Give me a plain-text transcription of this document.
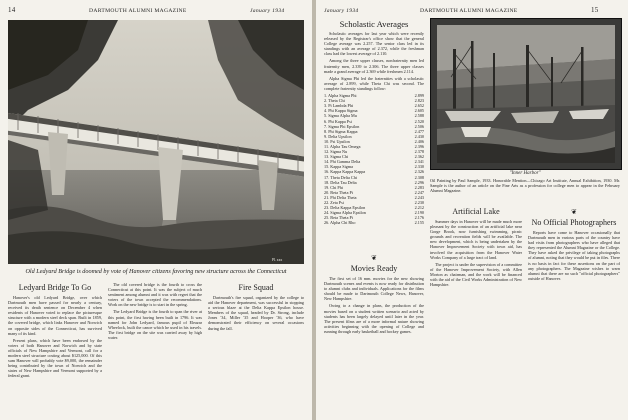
14	DARTMOUTH ALUMNI MAGAZINE	January 1934
Pl. xxx
Old Ledyard Bridge is doomed by vote of Hanover citizens favoring new structure across the Connecticut
Ledyard Bridge To Go

Hanover's old Ledyard Bridge, over which Dartmouth men have passed for nearly a century, received its death sentence on December 4 when residents of Hanover voted to replace the picturesque structure with a modern steel deck span. Built in 1859, the covered bridge, which links Hanover and Norwich on opposite sides of the Connecticut, has survived many of its kind.

Present plans, which have been endorsed by the voters of both Hanover and Norwich and by state officials of New Hampshire and Vermont, call for a modern steel structure costing about $125,000. Of this sum Hanover will probably vote $9,000, the remainder being contributed by the town of Norwich and the states of New Hampshire and Vermont supported by a federal grant.

The old covered bridge is the fourth to cross the Connecticut at this point. It was the subject of much sentiment among alumni and it was with regret that the voters of the town accepted the recommendations. Work on the new bridge is to start in the spring.

The Ledyard Bridge is the fourth to span the river at this point, the first having been built in 1796. It was named for John Ledyard, famous pupil of Eleazar Wheelock, built the canoe which he used in his travels. The first bridge on the site was carried away by high water.

Fire Squad

Dartmouth's fire squad, organized by the college to aid the Hanover department, was successful in stopping a serious blaze at the Delta Kappa Epsilon house. Members of the squad, headed by Dr. Strong, include Jones '34, Miller '35 and Hooper '36, who have demonstrated their efficiency on several occasions during the fall.

January 1934	DARTMOUTH ALUMNI MAGAZINE	15
Scholastic Averages

Scholastic averages for last year which were recently released by the Registrar's office show that the general College average was 2.257. The senior class led in its standings with an average of 2.372, while the freshman class had the lowest average of 2.110.

Among the three upper classes, nonfraternity men led fraternity men, 2.339 to 2.306. The three upper classes made a grand average of 2.369 while freshmen 2.114.

Alpha Sigma Phi led the fraternities with a scholastic average of 2.899, while Theta Chi was second. The complete fraternity standings follow:

1. Alpha Sigma Phi	2.899
2. Theta Chi	2.823
3. Pi Lambda Phi	2.652
4. Phi Kappa Sigma	2.605
5. Sigma Alpha Mu	2.588
6. Phi Kappa Psi	2.520
7. Sigma Phi Epsilon	2.506
8. Phi Sigma Kappa	2.477
9. Delta Upsilon	2.430
10. Psi Upsilon	2.406
11. Alpha Tau Omega	2.396
12. Sigma Nu	2.378
13. Sigma Chi	2.362
14. Phi Gamma Delta	2.341
15. Kappa Sigma	2.330
16. Kappa Kappa Kappa	2.326
17. Theta Delta Chi	2.308
18. Delta Tau Delta	2.296
19. Chi Phi	2.283
20. Beta Theta Pi	2.247
21. Phi Delta Theta	2.243
22. Zeta Psi	2.230
23. Delta Kappa Epsilon	2.212
24. Sigma Alpha Epsilon	2.190
25. Beta Theta Pi	2.176
26. Alpha Chi Rho	2.155
❦
Movies Ready

The first set of 16 mm. movies for the new showing Dartmouth scenes and events is now ready for distribution to alumni clubs and individuals. Applications for the films should be made to Dartmouth College News, Hanover, New Hampshire.

Owing to a change in plans, the production of the movies based on a student written scenario and acted by students has been largely delayed until later in the year. The present films are of a more informal nature showing activities beginning with the opening of College and running through early basketball and hockey games.

"Inner Harbor"
Oil Painting by Paul Sample, 1933. Honorable Mention—Chicago Art Institute, Annual Exhibition, 1930. Mr. Sample is the author of an article on the Fine Arts as a profession for college men to appear in the February Alumni Magazine.
Artificial Lake

Summer days in Hanover will be made much more pleasant by the construction of an artificial lake near Gorge Brook, now furnishing swimming, picnic grounds and recreation fields will be available. The new development, which is being undertaken by the Hanover Improvement Society with town aid, has involved the acquisition from the Hanover Water Works Company of a large tract of land.

The project is under the supervision of a committee of the Hanover Improvement Society, with Allen Morton as chairman, and the work will be financed with the aid of the Civil Works Administration of New Hampshire.

❦
No Official Photographers

Reports have come to Hanover occasionally that Dartmouth men in various parts of the country have had visits from photographers who have alleged that they represented the Alumni Magazine or the College. They have asked the privilege of taking photographs of alumni, noting that they would be put in files. There is no basis in fact for these assertions on the part of any photographers. The Magazine wishes to warn alumni that there are no such "official photographers" outside of Hanover.
